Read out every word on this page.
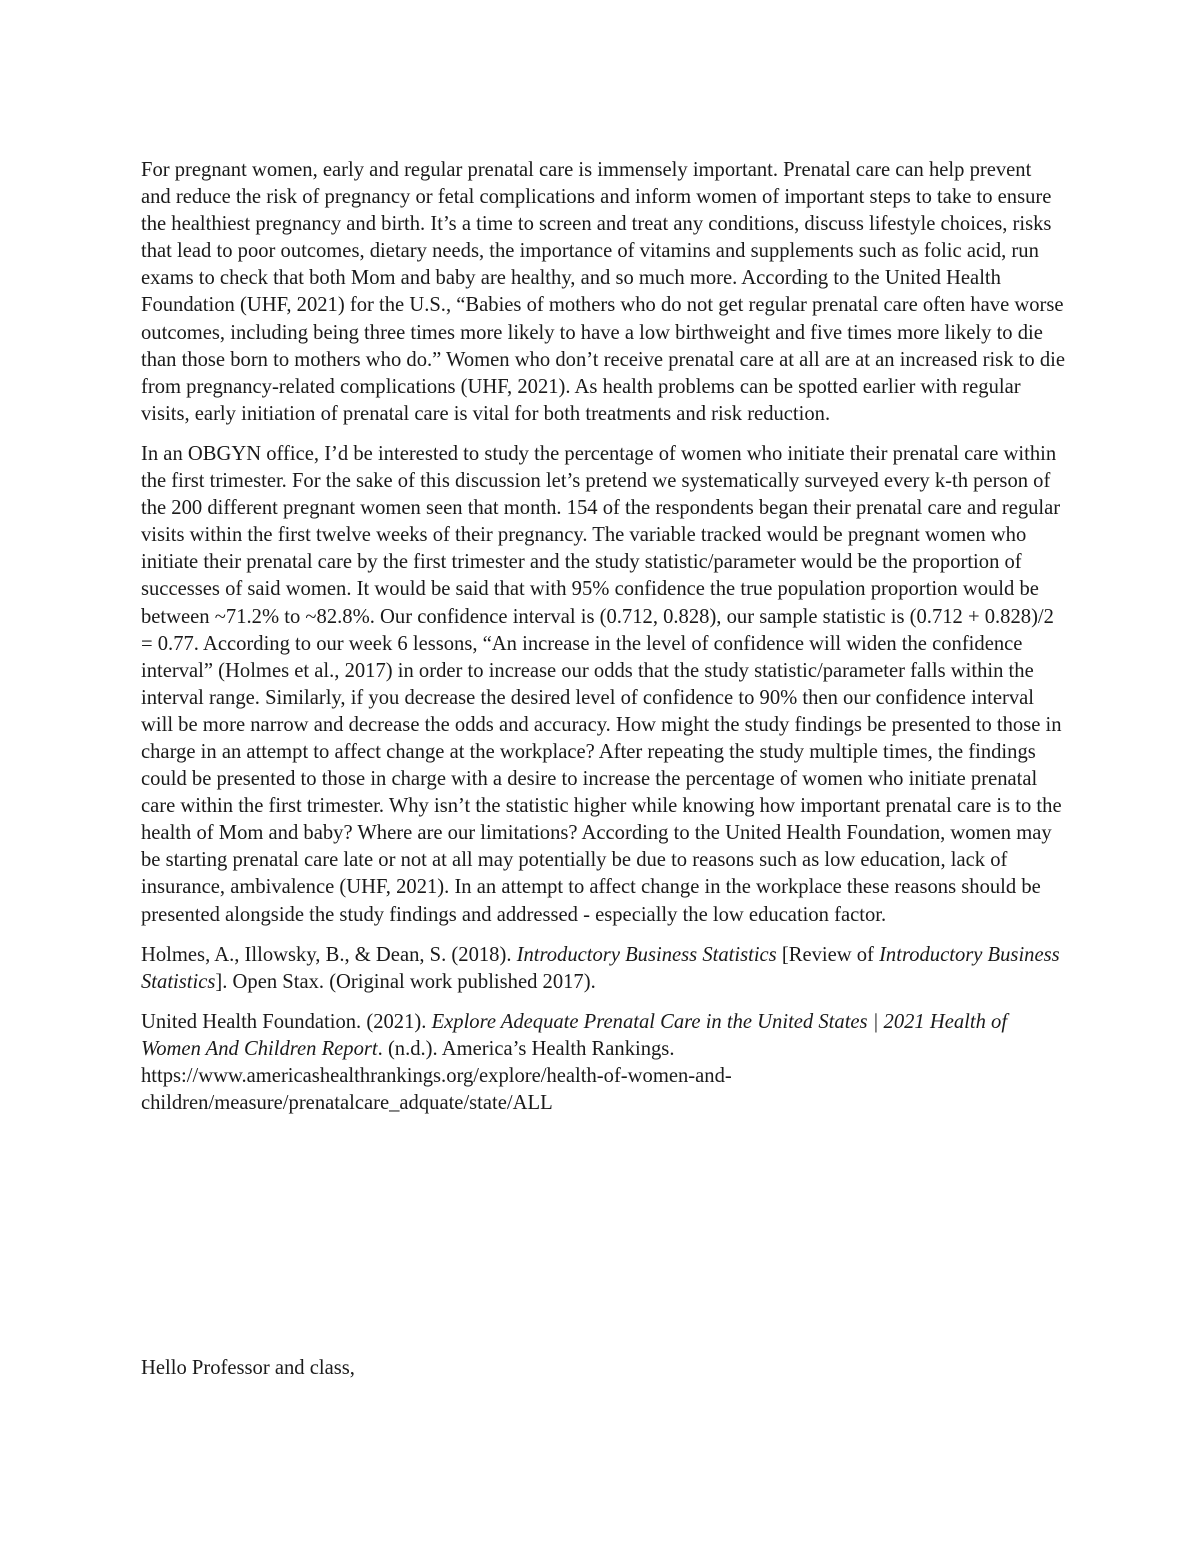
For pregnant women, early and regular prenatal care is immensely important. Prenatal care can help prevent and reduce the risk of pregnancy or fetal complications and inform women of important steps to take to ensure the healthiest pregnancy and birth. It’s a time to screen and treat any conditions, discuss lifestyle choices, risks that lead to poor outcomes, dietary needs, the importance of vitamins and supplements such as folic acid, run exams to check that both Mom and baby are healthy, and so much more. According to the United Health Foundation (UHF, 2021) for the U.S., “Babies of mothers who do not get regular prenatal care often have worse outcomes, including being three times more likely to have a low birthweight and five times more likely to die than those born to mothers who do.” Women who don’t receive prenatal care at all are at an increased risk to die from pregnancy-related complications (UHF, 2021). As health problems can be spotted earlier with regular visits, early initiation of prenatal care is vital for both treatments and risk reduction.

In an OBGYN office, I’d be interested to study the percentage of women who initiate their prenatal care within the first trimester. For the sake of this discussion let’s pretend we systematically surveyed every k-th person of the 200 different pregnant women seen that month. 154 of the respondents began their prenatal care and regular visits within the first twelve weeks of their pregnancy. The variable tracked would be pregnant women who initiate their prenatal care by the first trimester and the study statistic/parameter would be the proportion of successes of said women. It would be said that with 95% confidence the true population proportion would be between ~71.2% to ~82.8%. Our confidence interval is (0.712, 0.828), our sample statistic is (0.712 + 0.828)/2 = 0.77. According to our week 6 lessons, “An increase in the level of confidence will widen the confidence interval” (Holmes et al., 2017) in order to increase our odds that the study statistic/parameter falls within the interval range. Similarly, if you decrease the desired level of confidence to 90% then our confidence interval will be more narrow and decrease the odds and accuracy. How might the study findings be presented to those in charge in an attempt to affect change at the workplace? After repeating the study multiple times, the findings could be presented to those in charge with a desire to increase the percentage of women who initiate prenatal care within the first trimester. Why isn’t the statistic higher while knowing how important prenatal care is to the health of Mom and baby? Where are our limitations? According to the United Health Foundation, women may be starting prenatal care late or not at all may potentially be due to reasons such as low education, lack of insurance, ambivalence (UHF, 2021). In an attempt to affect change in the workplace these reasons should be presented alongside the study findings and addressed - especially the low education factor.

Holmes, A., Illowsky, B., & Dean, S. (2018). Introductory Business Statistics [Review of Introductory Business Statistics]. Open Stax. (Original work published 2017).

United Health Foundation. (2021). Explore Adequate Prenatal Care in the United States | 2021 Health of Women And Children Report. (n.d.). America’s Health Rankings.
https://www.americashealthrankings.org/explore/health-of-women-and-
children/measure/prenatalcare_adquate/state/ALL

Hello Professor and class,
